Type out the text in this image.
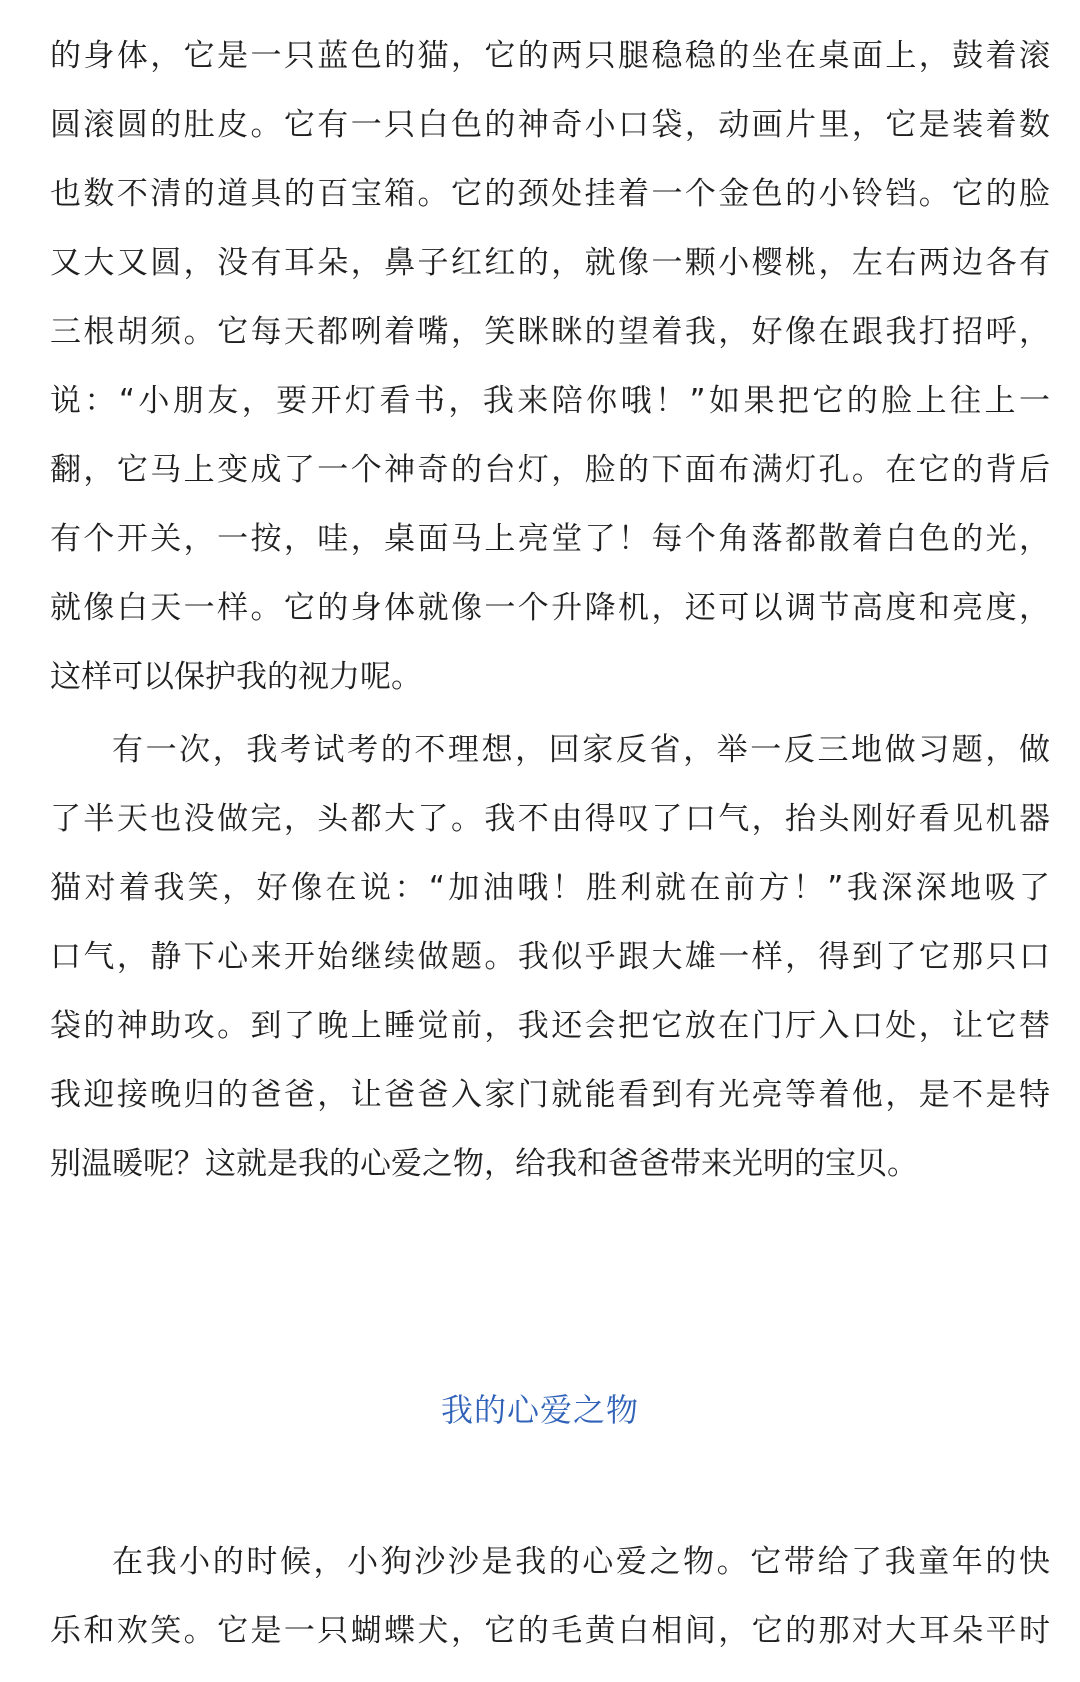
的身体，它是一只蓝色的猫，它的两只腿稳稳的坐在桌面上，鼓着滚
圆滚圆的肚皮。它有一只白色的神奇小口袋，动画片里，它是装着数
也数不清的道具的百宝箱。它的颈处挂着一个金色的小铃铛。它的脸
又大又圆，没有耳朵，鼻子红红的，就像一颗小樱桃，左右两边各有
三根胡须。它每天都咧着嘴，笑眯眯的望着我，好像在跟我打招呼，
说：“小朋友，要开灯看书，我来陪你哦！”如果把它的脸上往上一
翻，它马上变成了一个神奇的台灯，脸的下面布满灯孔。在它的背后
有个开关，一按，哇，桌面马上亮堂了！每个角落都散着白色的光，
就像白天一样。它的身体就像一个升降机，还可以调节高度和亮度，
这样可以保护我的视力呢。
有一次，我考试考的不理想，回家反省，举一反三地做习题，做
了半天也没做完，头都大了。我不由得叹了口气，抬头刚好看见机器
猫对着我笑，好像在说：“加油哦！胜利就在前方！”我深深地吸了
口气，静下心来开始继续做题。我似乎跟大雄一样，得到了它那只口
袋的神助攻。到了晚上睡觉前，我还会把它放在门厅入口处，让它替
我迎接晚归的爸爸，让爸爸入家门就能看到有光亮等着他，是不是特
别温暖呢？这就是我的心爱之物，给我和爸爸带来光明的宝贝。
我的心爱之物
在我小的时候，小狗沙沙是我的心爱之物。它带给了我童年的快
乐和欢笑。它是一只蝴蝶犬，它的毛黄白相间，它的那对大耳朵平时
